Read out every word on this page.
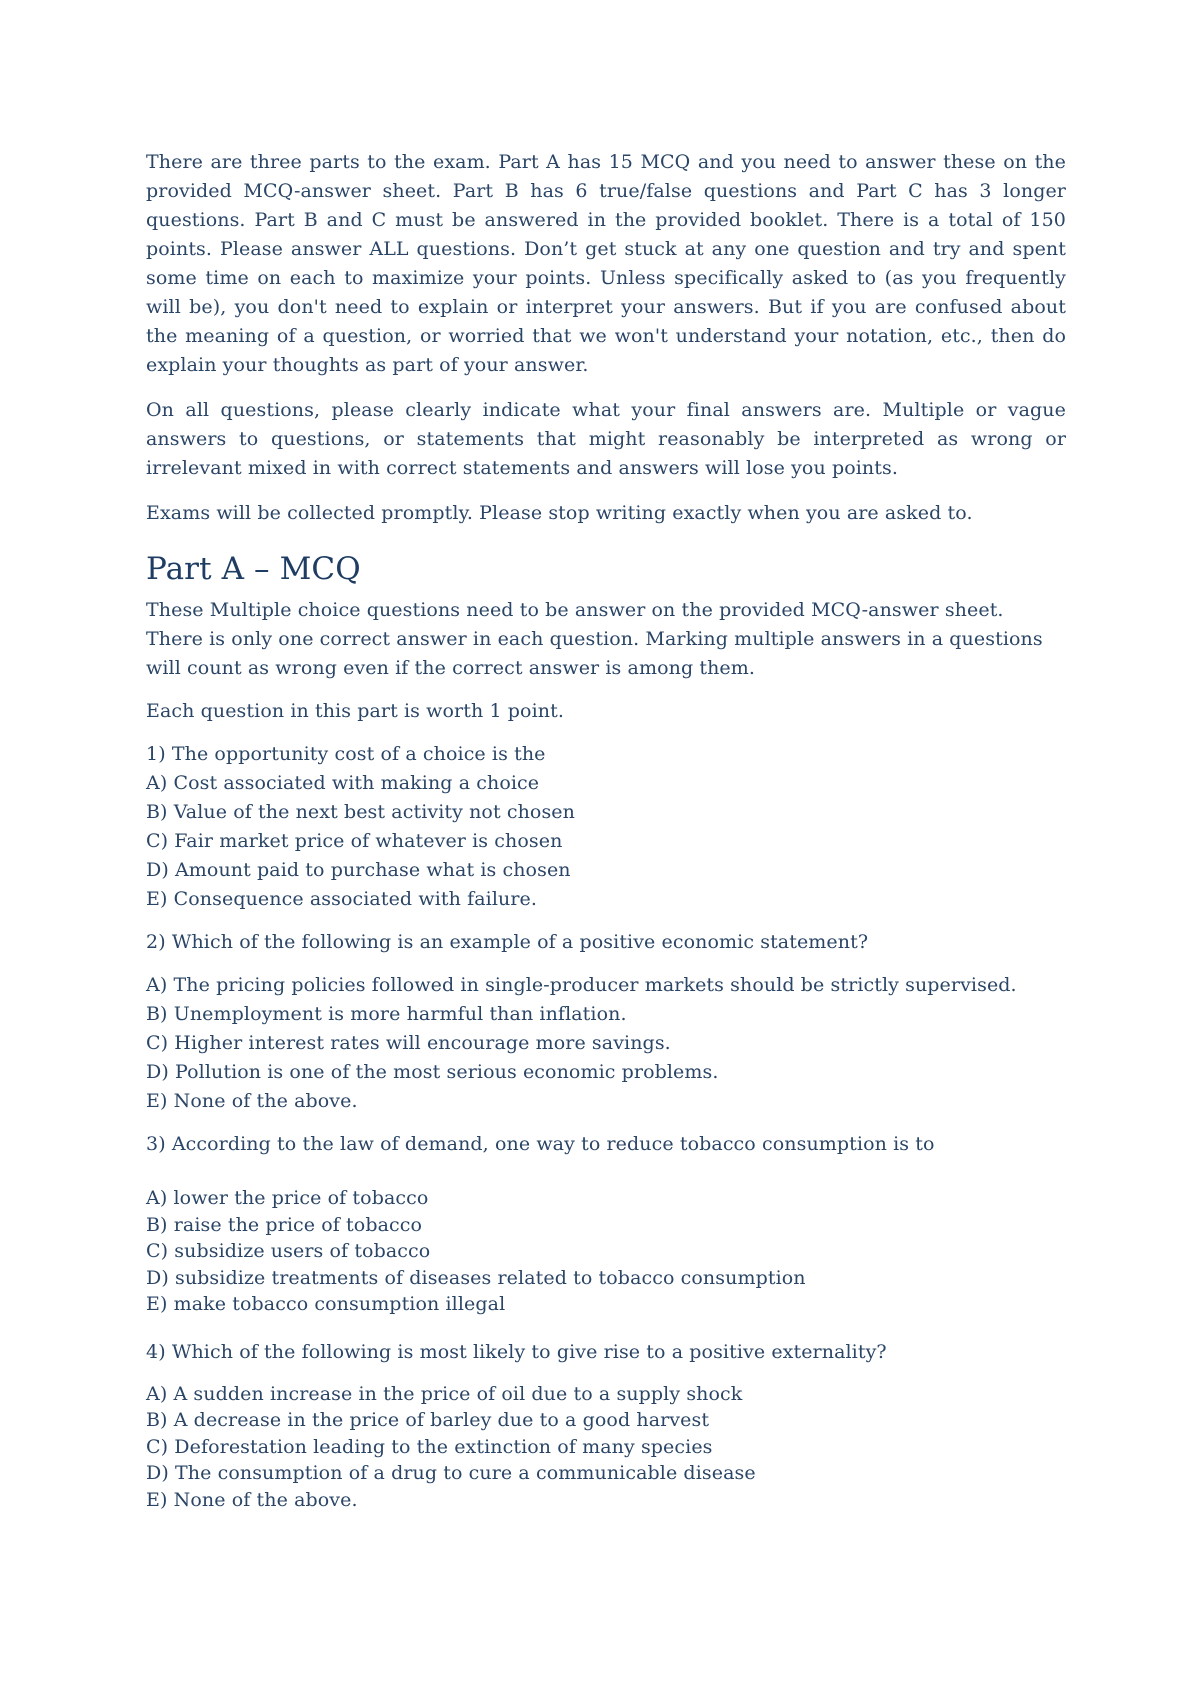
There are three parts to the exam. Part A has 15 MCQ and you need to answer these on the provided MCQ-answer sheet. Part B has 6 true/false questions and Part C has 3 longer questions. Part B and C must be answered in the provided booklet. There is a total of 150 points. Please answer ALL questions. Don’t get stuck at any one question and try and spent some time on each to maximize your points. Unless specifically asked to (as you frequently will be), you don't need to explain or interpret your answers. But if you are confused about the meaning of a question, or worried that we won't understand your notation, etc., then do explain your thoughts as part of your answer.

On all questions, please clearly indicate what your final answers are. Multiple or vague answers to questions, or statements that might reasonably be interpreted as wrong or irrelevant mixed in with correct statements and answers will lose you points.

Exams will be collected promptly. Please stop writing exactly when you are asked to.

Part A – MCQ

These Multiple choice questions need to be answer on the provided MCQ-answer sheet. There is only one correct answer in each question. Marking multiple answers in a questions will count as wrong even if the correct answer is among them.

Each question in this part is worth 1 point.

1) The opportunity cost of a choice is the

A) Cost associated with making a choice
B) Value of the next best activity not chosen
C) Fair market price of whatever is chosen
D) Amount paid to purchase what is chosen
E) Consequence associated with failure.

2) Which of the following is an example of a positive economic statement?

A) The pricing policies followed in single-producer markets should be strictly supervised.
B) Unemployment is more harmful than inflation.
C) Higher interest rates will encourage more savings.
D) Pollution is one of the most serious economic problems.
E) None of the above.

3) According to the law of demand, one way to reduce tobacco consumption is to

A) lower the price of tobacco
B) raise the price of tobacco
C) subsidize users of tobacco
D) subsidize treatments of diseases related to tobacco consumption
E) make tobacco consumption illegal

4) Which of the following is most likely to give rise to a positive externality?

A) A sudden increase in the price of oil due to a supply shock
B) A decrease in the price of barley due to a good harvest
C) Deforestation leading to the extinction of many species
D) The consumption of a drug to cure a communicable disease
E) None of the above.
